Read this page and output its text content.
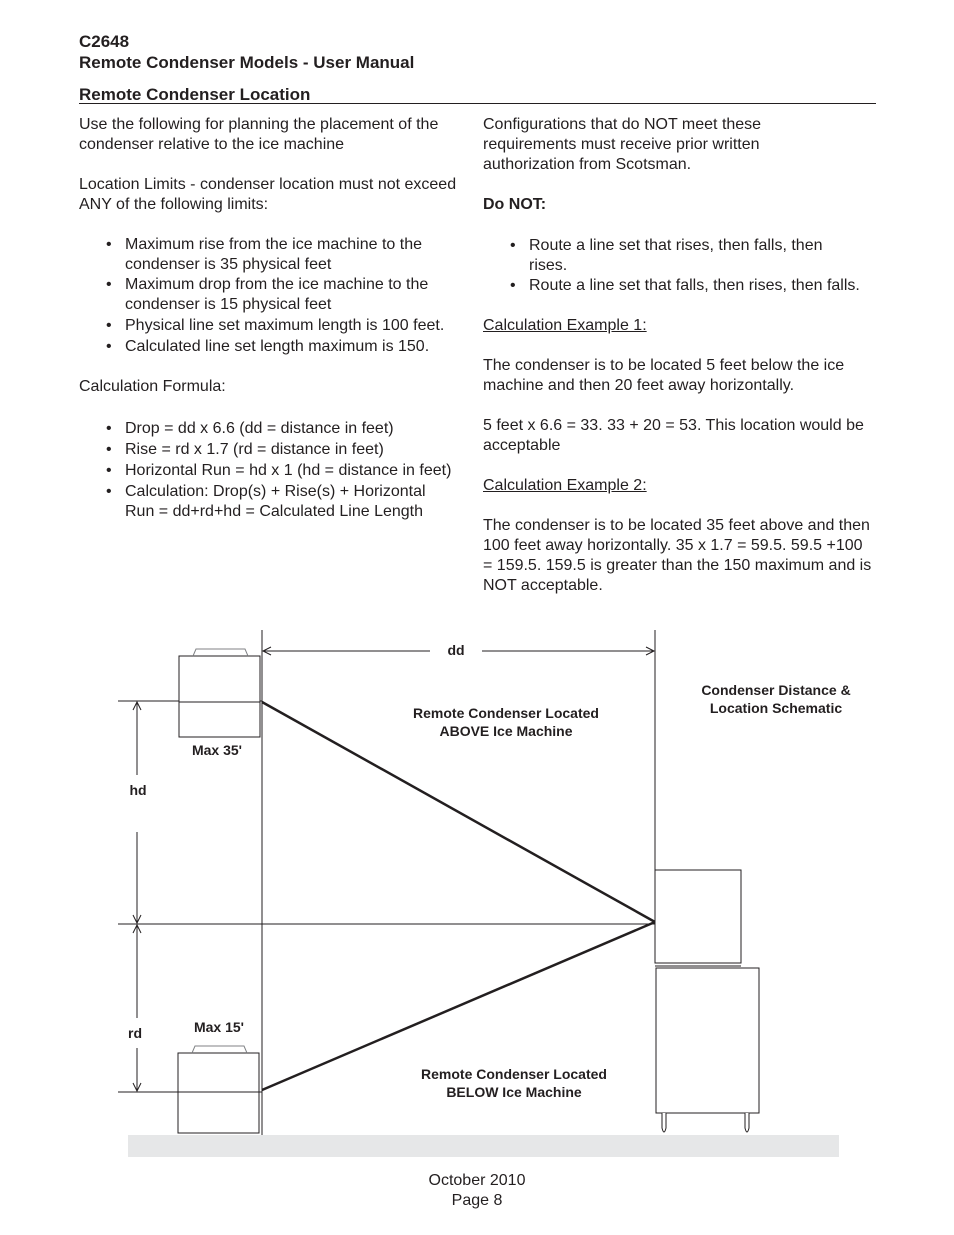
C2648
Remote Condenser Models - User Manual
Remote Condenser Location

Use the following for planning the placement of the condenser relative to the ice machine

Location Limits - condenser location must not exceed ANY of the following limits:

• Maximum rise from the ice machine to the condenser is 35 physical feet
• Maximum drop from the ice machine to the condenser is 15 physical feet
• Physical line set maximum length is 100 feet.
• Calculated line set length maximum is 150.

Calculation Formula:

• Drop = dd x 6.6 (dd = distance in feet)
• Rise = rd x 1.7 (rd = distance in feet)
• Horizontal Run = hd x 1 (hd = distance in feet)
• Calculation: Drop(s) + Rise(s) + Horizontal Run = dd+rd+hd = Calculated Line Length

Configurations that do NOT meet these requirements must receive prior written authorization from Scotsman.

Do NOT:

• Route a line set that rises, then falls, then rises.
• Route a line set that falls, then rises, then falls.

Calculation Example 1:

The condenser is to be located 5 feet below the ice machine and then 20 feet away horizontally.

5 feet x 6.6 = 33. 33 + 20 = 53. This location would be acceptable

Calculation Example 2:

The condenser is to be located 35 feet above and then 100 feet away horizontally. 35 x 1.7 = 59.5. 59.5 +100 = 159.5. 159.5 is greater than the 150 maximum and is NOT acceptable.

dd
hd
rd
Max 35'
Max 15'
Remote Condenser Located
ABOVE Ice Machine
Remote Condenser Located
BELOW Ice Machine
Condenser Distance &
Location Schematic
October 2010
Page 8
